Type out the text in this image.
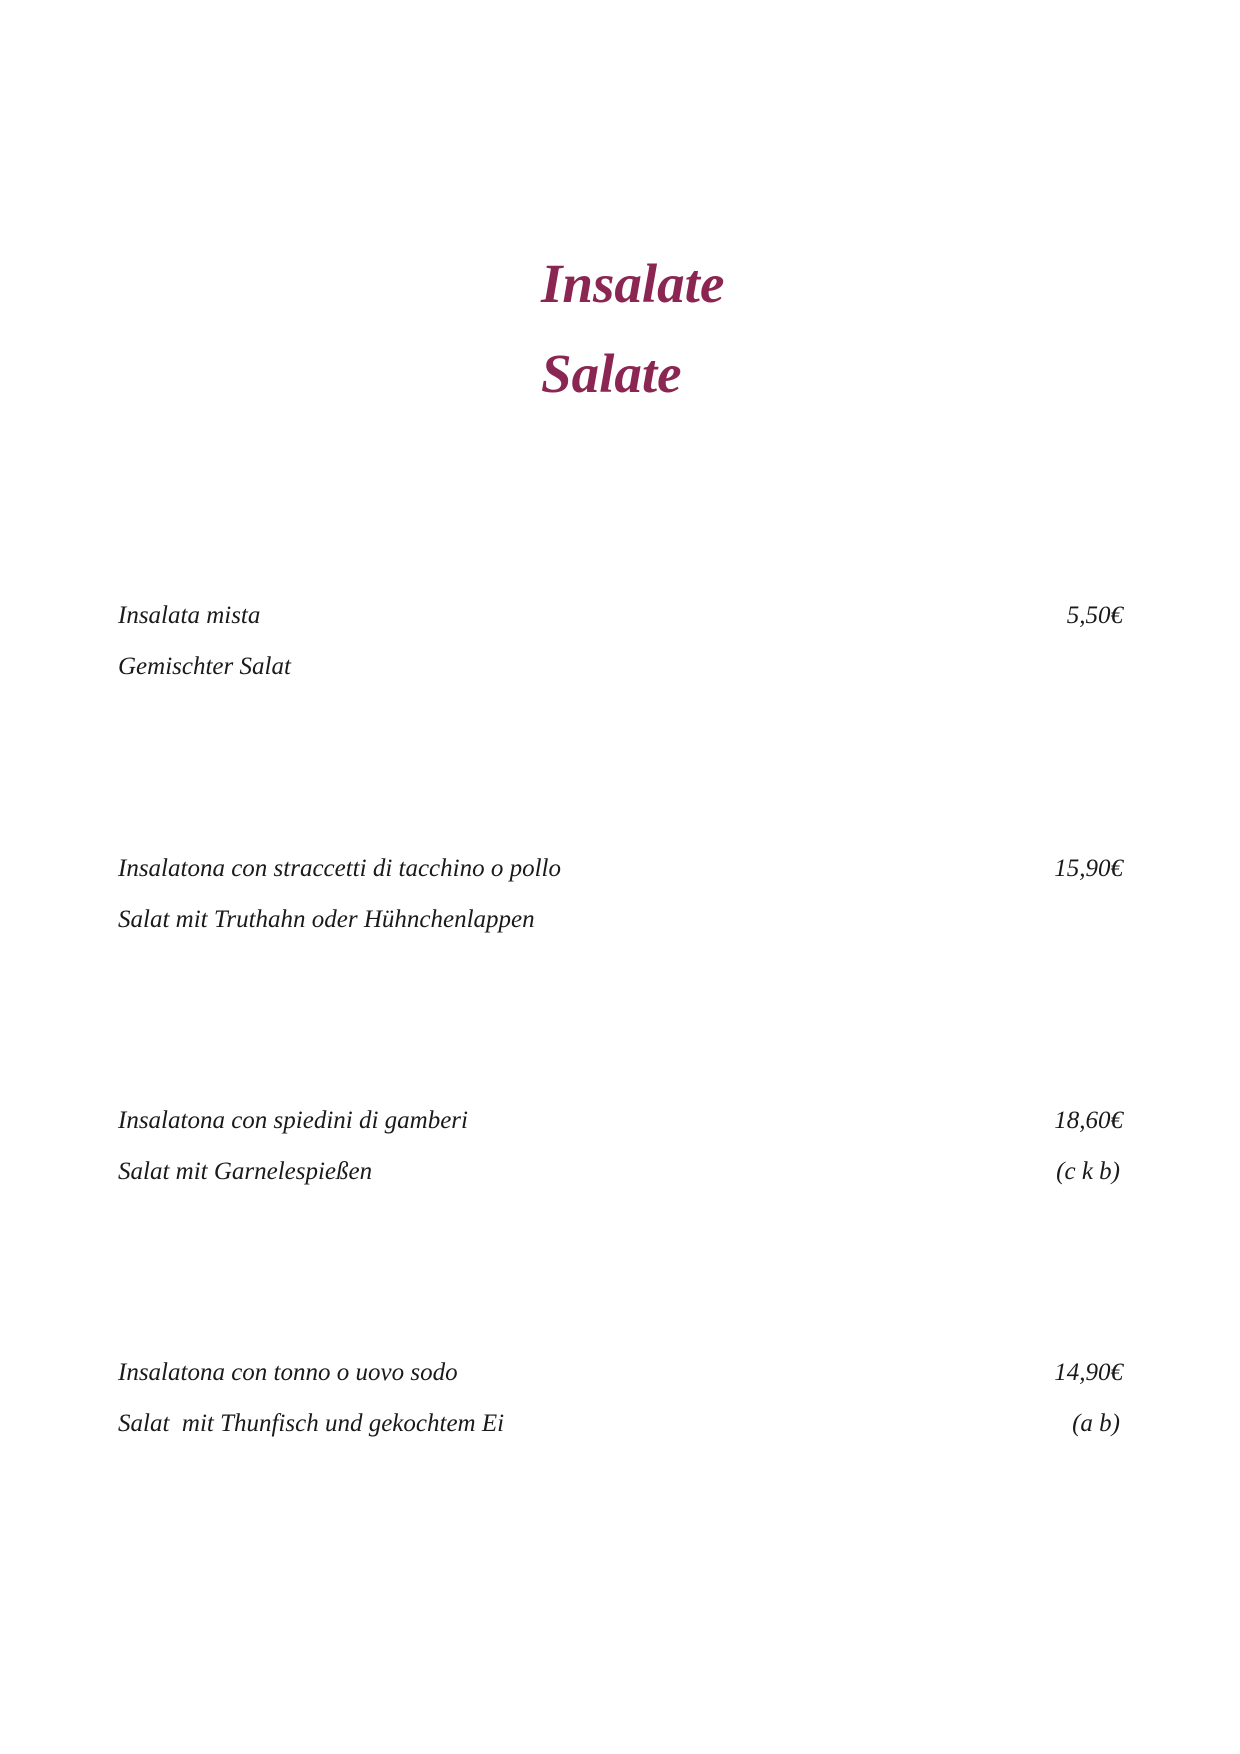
Insalate
Salate
Insalata mista
Gemischter Salat
5,50€
Insalatona con straccetti di tacchino o pollo
Salat mit Truthahn oder Hühnchenlappen
15,90€
Insalatona con spiedini di gamberi
Salat mit Garnelespießen
18,60€
(c k b)
Insalatona con tonno o uovo sodo
Salat  mit Thunfisch und gekochtem Ei
14,90€
(a b)
